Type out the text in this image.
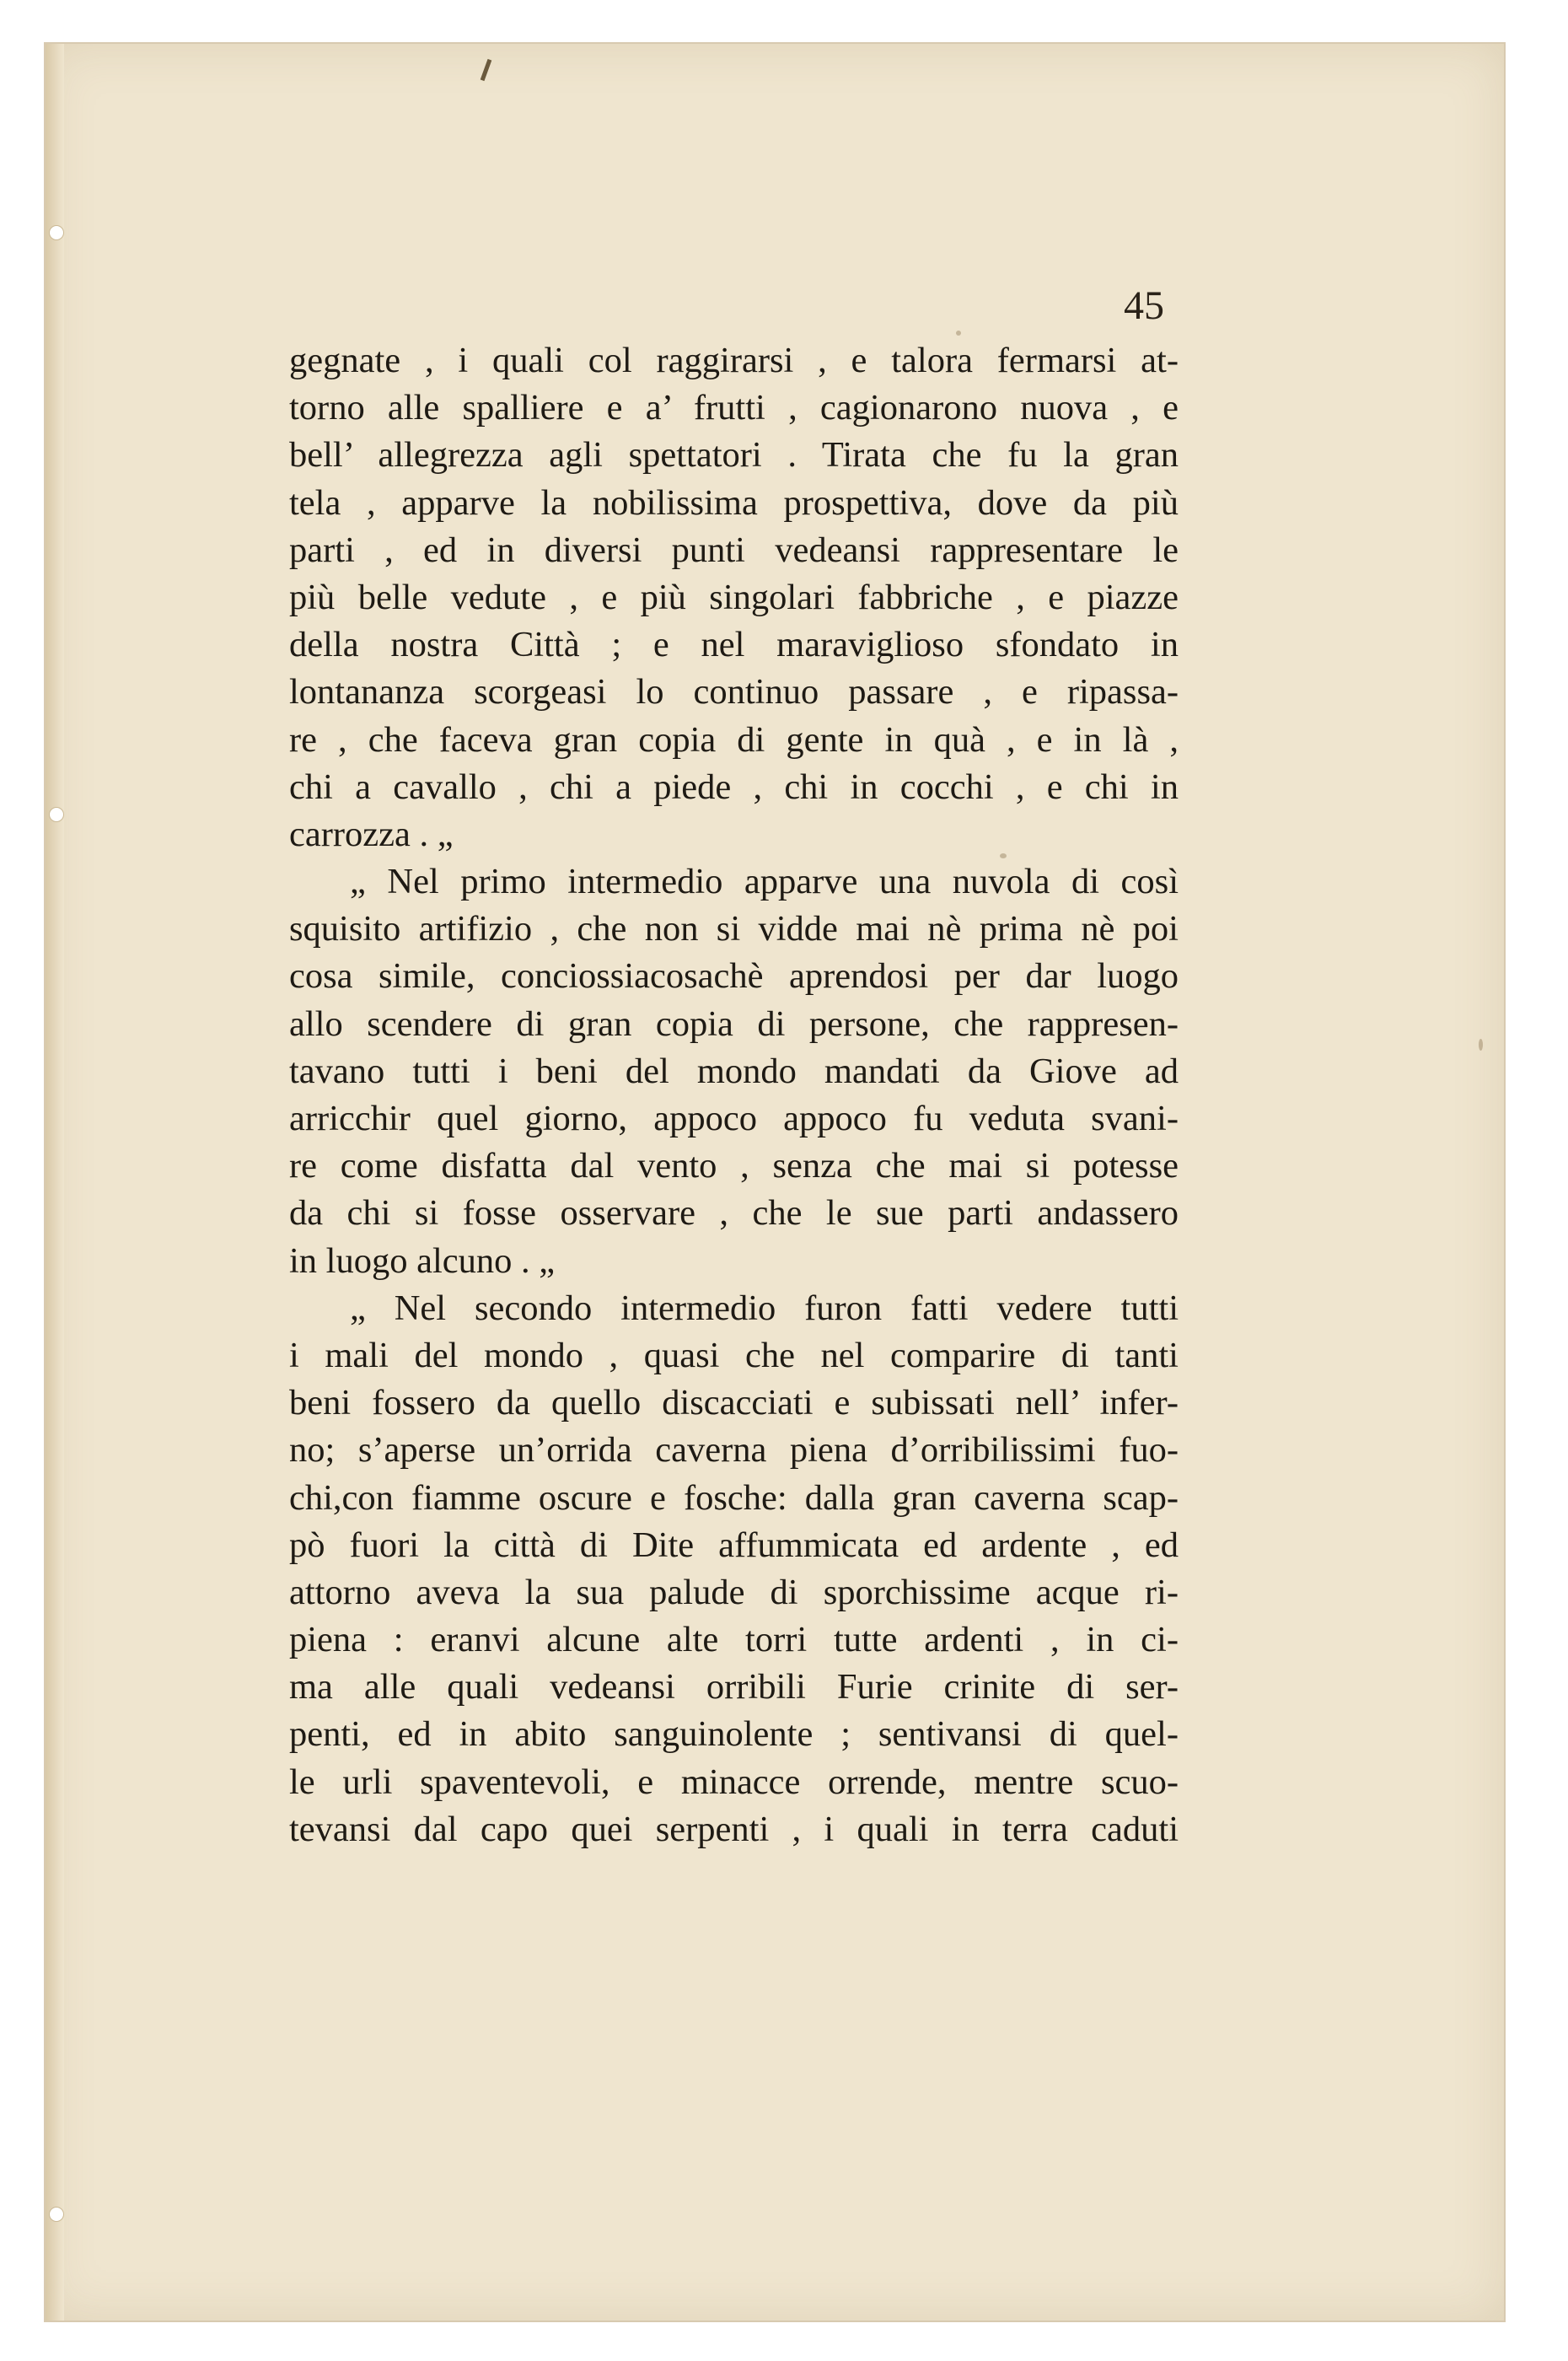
45
gegnate , i quali col raggirarsi , e talora fermarsi at-
torno alle spalliere e a’ frutti , cagionarono nuova , e
bell’ allegrezza agli spettatori . Tirata che fu la gran
tela , apparve la nobilissima prospettiva, dove da più
parti , ed in diversi punti vedeansi rappresentare le
più belle vedute , e più singolari fabbriche , e piazze
della nostra Città ; e nel maraviglioso sfondato in
lontananza scorgeasi lo continuo passare , e ripassa-
re , che faceva gran copia di gente in quà , e in là ,
chi a cavallo , chi a piede , chi in cocchi , e chi in
carrozza . „
„ Nel primo intermedio apparve una nuvola di così
squisito artifizio , che non si vidde mai nè prima nè poi
cosa simile, conciossiacosachè aprendosi per dar luogo
allo scendere di gran copia di persone, che rappresen-
tavano tutti i beni del mondo mandati da Giove ad
arricchir quel giorno, appoco appoco fu veduta svani-
re come disfatta dal vento , senza che mai si potesse
da chi si fosse osservare , che le sue parti andassero
in luogo alcuno . „
„ Nel secondo intermedio furon fatti vedere tutti
i mali del mondo , quasi che nel comparire di tanti
beni fossero da quello discacciati e subissati nell’ infer-
no; s’aperse un’orrida caverna piena d’orribilissimi fuo-
chi,con fiamme oscure e fosche: dalla gran caverna scap-
pò fuori la città di Dite affummicata ed ardente , ed
attorno aveva la sua palude di sporchissime acque ri-
piena : eranvi alcune alte torri tutte ardenti , in ci-
ma alle quali vedeansi orribili Furie crinite di ser-
penti, ed in abito sanguinolente ; sentivansi di quel-
le urli spaventevoli, e minacce orrende, mentre scuo-
tevansi dal capo quei serpenti , i quali in terra caduti
